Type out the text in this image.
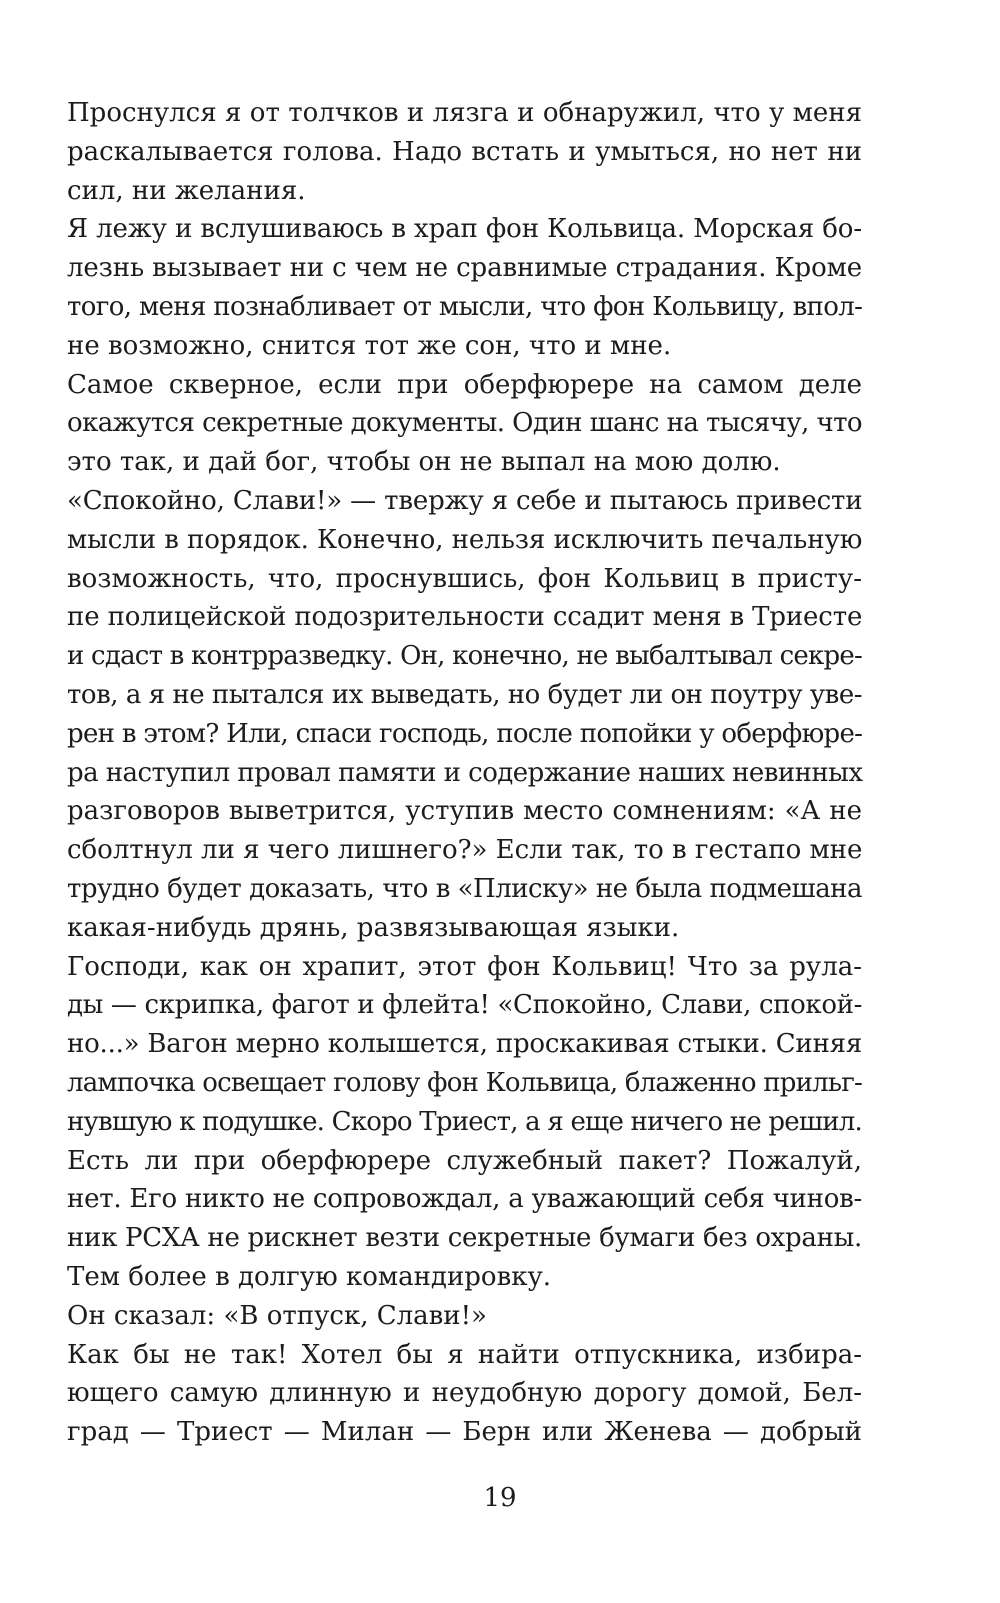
Проснулся я от толчков и лязга и обнаружил, что у меня
раскалывается голова. Надо встать и умыться, но нет ни
сил, ни желания.
Я лежу и вслушиваюсь в храп фон Кольвица. Морская бо-
лезнь вызывает ни с чем не сравнимые страдания. Кроме
того, меня познабливает от мысли, что фон Кольвицу, впол-
не возможно, снится тот же сон, что и мне.
Самое скверное, если при оберфюрере на самом деле
окажутся секретные документы. Один шанс на тысячу, что
это так, и дай бог, чтобы он не выпал на мою долю.
«Спокойно, Слави!» — твержу я себе и пытаюсь привести
мысли в порядок. Конечно, нельзя исключить печальную
возможность, что, проснувшись, фон Кольвиц в присту-
пе полицейской подозрительности ссадит меня в Триесте
и сдаст в контрразведку. Он, конечно, не выбалтывал секре-
тов, а я не пытался их выведать, но будет ли он поутру уве-
рен в этом? Или, спаси господь, после попойки у оберфюре-
ра наступил провал памяти и содержание наших невинных
разговоров выветрится, уступив место сомнениям: «А не
сболтнул ли я чего лишнего?» Если так, то в гестапо мне
трудно будет доказать, что в «Плиску» не была подмешана
какая-нибудь дрянь, развязывающая языки.
Господи, как он храпит, этот фон Кольвиц! Что за рула-
ды — скрипка, фагот и флейта! «Спокойно, Слави, спокой-
но...» Вагон мерно колышется, проскакивая стыки. Синяя
лампочка освещает голову фон Кольвица, блаженно прильг-
нувшую к подушке. Скоро Триест, а я еще ничего не решил.
Есть ли при оберфюрере служебный пакет? Пожалуй,
нет. Его никто не сопровождал, а уважающий себя чинов-
ник РСХА не рискнет везти секретные бумаги без охраны.
Тем более в долгую командировку.
Он сказал: «В отпуск, Слави!»
Как бы не так! Хотел бы я найти отпускника, избира-
ющего самую длинную и неудобную дорогу домой, Бел-
град — Триест — Милан — Берн или Женева — добрый
19
